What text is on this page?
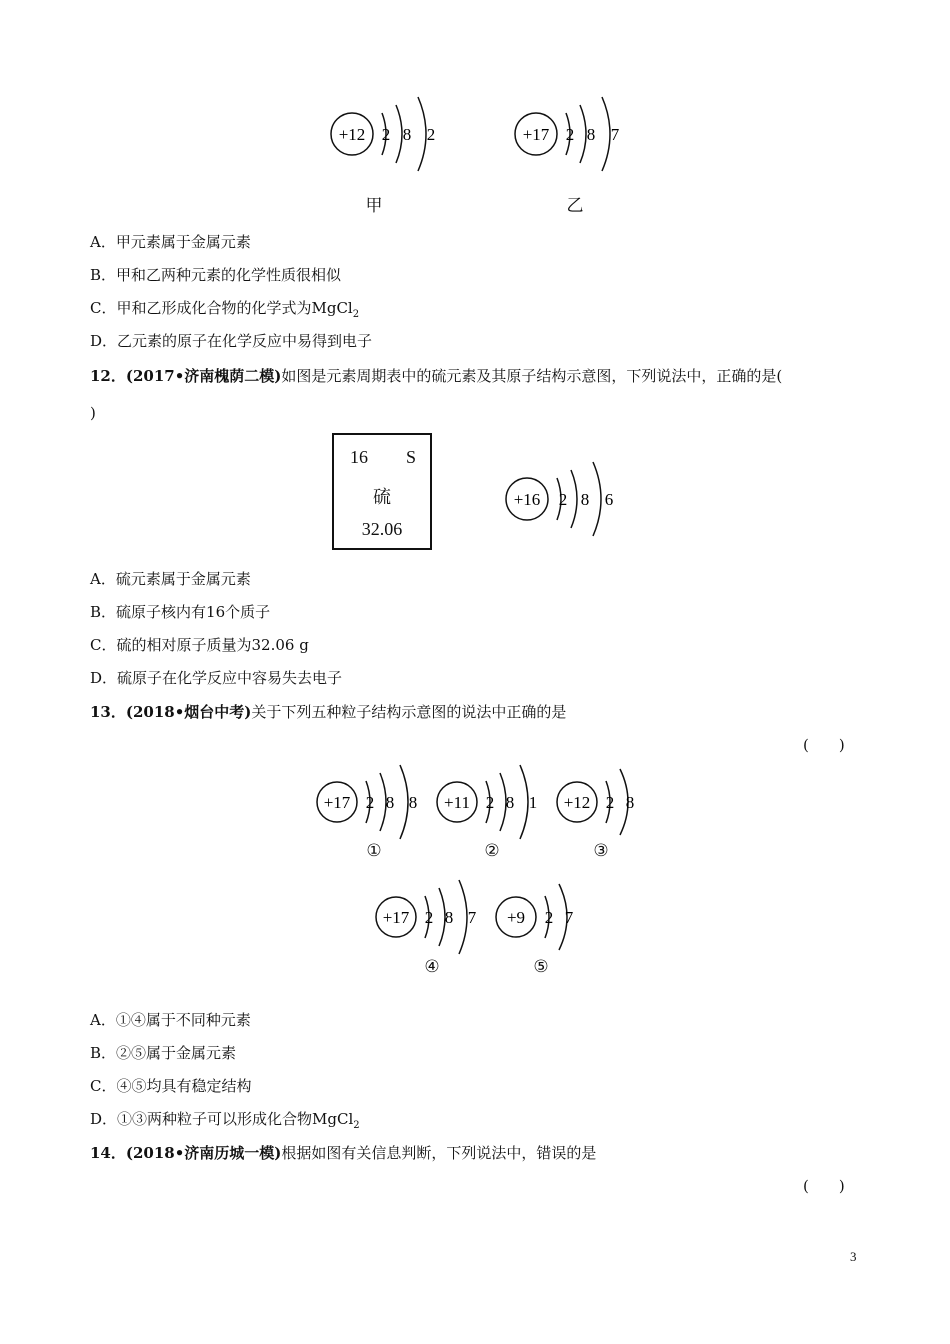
+12 2 8 2
甲
+17 2 8 7
乙
A．甲元素属于金属元素
B．甲和乙两种元素的化学性质很相似
C．甲和乙形成化合物的化学式为MgCl$_2$
D．乙元素的原子在化学反应中易得到电子
12．(2017•济南槐荫二模)如图是元素周期表中的硫元素及其原子结构示意图，下列说法中，正确的是(
)
16 S
硫
32.06
+16 2 8 6
A．硫元素属于金属元素
B．硫原子核内有16个质子
C．硫的相对原子质量为32.06 g
D．硫原子在化学反应中容易失去电子
13．(2018•烟台中考)关于下列五种粒子结构示意图的说法中正确的是
(　　)
+17 2 8 8
①
+11 2 8 1
②
+12 2 8
③
+17 2 8 7
④
+9 2 7
⑤
A．①④属于不同种元素
B．②⑤属于金属元素
C．④⑤均具有稳定结构
D．①③两种粒子可以形成化合物MgCl$_2$
14．(2018•济南历城一模)根据如图有关信息判断，下列说法中，错误的是
(　　)
3
